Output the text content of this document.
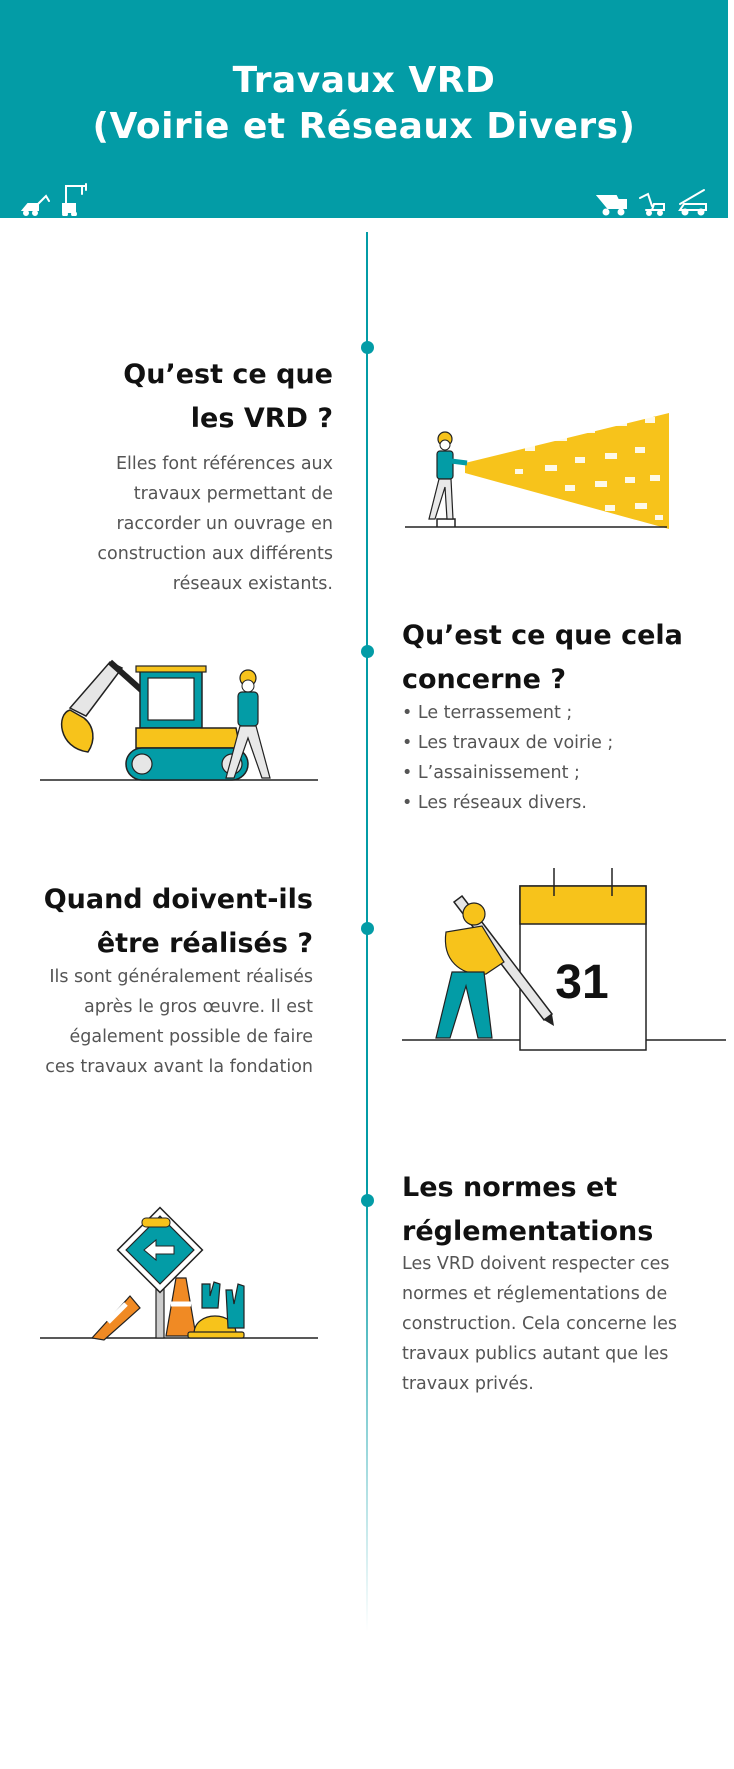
Travaux VRD
(Voirie et Réseaux Divers)
Qu’est ce que
les VRD ?
Elles font références aux
travaux permettant de
raccorder un ouvrage en
construction aux différents
réseaux existants.
Qu’est ce que cela
concerne ?
• Le terrassement ;
• Les travaux de voirie ;
• L’assainissement ;
• Les réseaux divers.
Quand doivent-ils
être réalisés ?
Ils sont généralement réalisés
après le gros œuvre. Il est
également possible de faire
ces travaux avant la fondation
31
Les normes et
réglementations
Les VRD doivent respecter ces
normes et réglementations de
construction. Cela concerne les
travaux publics autant que les
travaux privés.
